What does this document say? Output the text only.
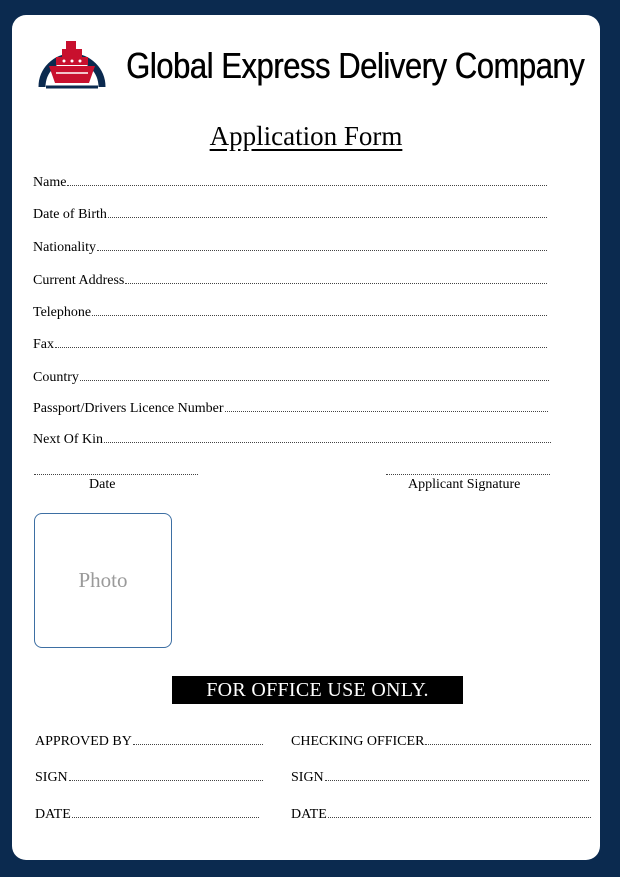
Global Express Delivery Company
Application Form
Name
Date of Birth
Nationality
Current Address
Telephone
Fax
Country
Passport/Drivers Licence Number
Next Of Kin
Date	Applicant Signature
Photo
FOR OFFICE USE ONLY.
APPROVED BY	CHECKING OFFICER
SIGN	SIGN
DATE	DATE
